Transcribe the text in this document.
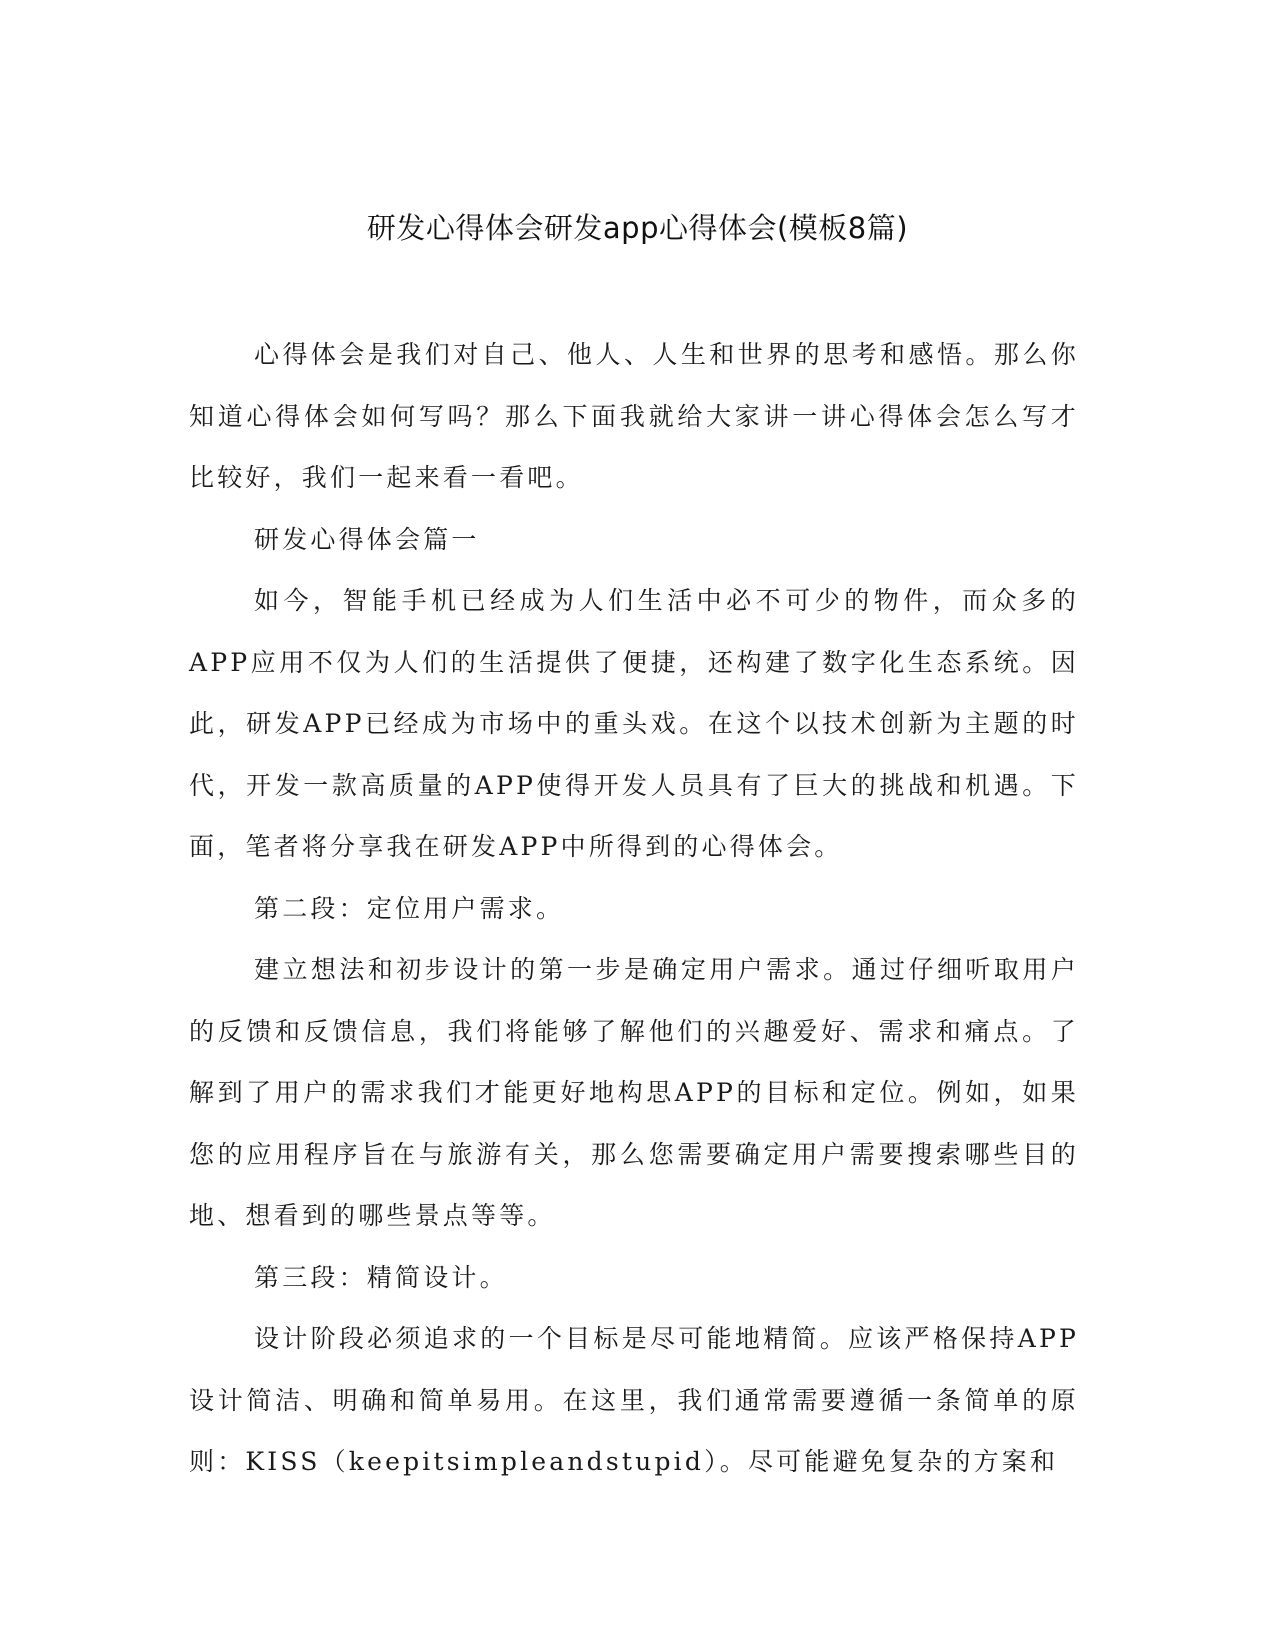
研发心得体会研发app心得体会(模板8篇)

心得体会是我们对自己、他人、人生和世界的思考和感悟。那么你知道心得体会如何写吗？那么下面我就给大家讲一讲心得体会怎么写才比较好，我们一起来看一看吧。

研发心得体会篇一

如今，智能手机已经成为人们生活中必不可少的物件，而众多的APP应用不仅为人们的生活提供了便捷，还构建了数字化生态系统。因此，研发APP已经成为市场中的重头戏。在这个以技术创新为主题的时代，开发一款高质量的APP使得开发人员具有了巨大的挑战和机遇。下面，笔者将分享我在研发APP中所得到的心得体会。

第二段：定位用户需求。

建立想法和初步设计的第一步是确定用户需求。通过仔细听取用户的反馈和反馈信息，我们将能够了解他们的兴趣爱好、需求和痛点。了解到了用户的需求我们才能更好地构思APP的目标和定位。例如，如果您的应用程序旨在与旅游有关，那么您需要确定用户需要搜索哪些目的地、想看到的哪些景点等等。

第三段：精简设计。

设计阶段必须追求的一个目标是尽可能地精简。应该严格保持APP设计简洁、明确和简单易用。在这里，我们通常需要遵循一条简单的原则：KISS（keepitsimpleandstupid）。尽可能避免复杂的方案和
